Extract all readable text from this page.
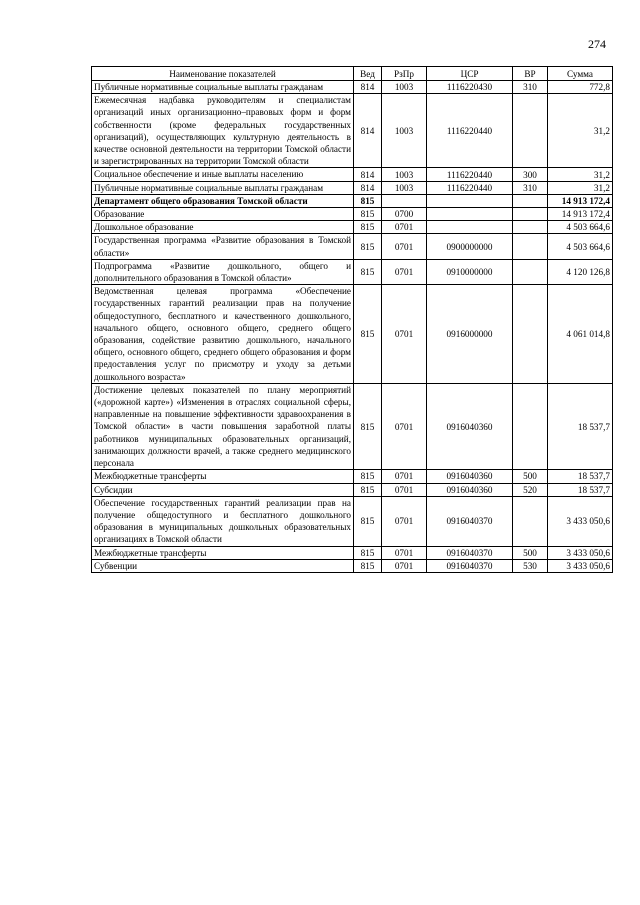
274
Наименование показателей	Вед	РзПр	ЦСР	ВР	Сумма
Публичные нормативные социальные выплаты гражданам	814	1003	1116220430	310	772,8
Ежемесячная надбавка руководителям и специалистам организаций иных организационно–правовых форм и форм собственности (кроме федеральных государственных организаций), осуществляющих культурную деятельность в качестве основной деятельности на территории Томской области и зарегистрированных на территории Томской области	814	1003	1116220440		31,2
Социальное обеспечение и иные выплаты населению	814	1003	1116220440	300	31,2
Публичные нормативные социальные выплаты гражданам	814	1003	1116220440	310	31,2
Департамент общего образования Томской области	815				14 913 172,4
Образование	815	0700			14 913 172,4
Дошкольное образование	815	0701			4 503 664,6
Государственная программа «Развитие образования в Томской области»	815	0701	0900000000		4 503 664,6
Подпрограмма «Развитие дошкольного, общего и дополнительного образования в Томской области»	815	0701	0910000000		4 120 126,8
Ведомственная целевая программа «Обеспечение государственных гарантий реализации прав на получение общедоступного, бесплатного и качественного дошкольного, начального общего, основного общего, среднего общего образования, содействие развитию дошкольного, начального общего, основного общего, среднего общего образования и форм предоставления услуг по присмотру и уходу за детьми дошкольного возраста»	815	0701	0916000000		4 061 014,8
Достижение целевых показателей по плану мероприятий («дорожной карте») «Изменения в отраслях социальной сферы, направленные на повышение эффективности здравоохранения в Томской области» в части повышения заработной платы работников муниципальных образовательных организаций, занимающих должности врачей, а также среднего медицинского персонала	815	0701	0916040360		18 537,7
Межбюджетные трансферты	815	0701	0916040360	500	18 537,7
Субсидии	815	0701	0916040360	520	18 537,7
Обеспечение государственных гарантий реализации прав на получение общедоступного и бесплатного дошкольного образования в муниципальных дошкольных образовательных организациях в Томской области	815	0701	0916040370		3 433 050,6
Межбюджетные трансферты	815	0701	0916040370	500	3 433 050,6
Субвенции	815	0701	0916040370	530	3 433 050,6
